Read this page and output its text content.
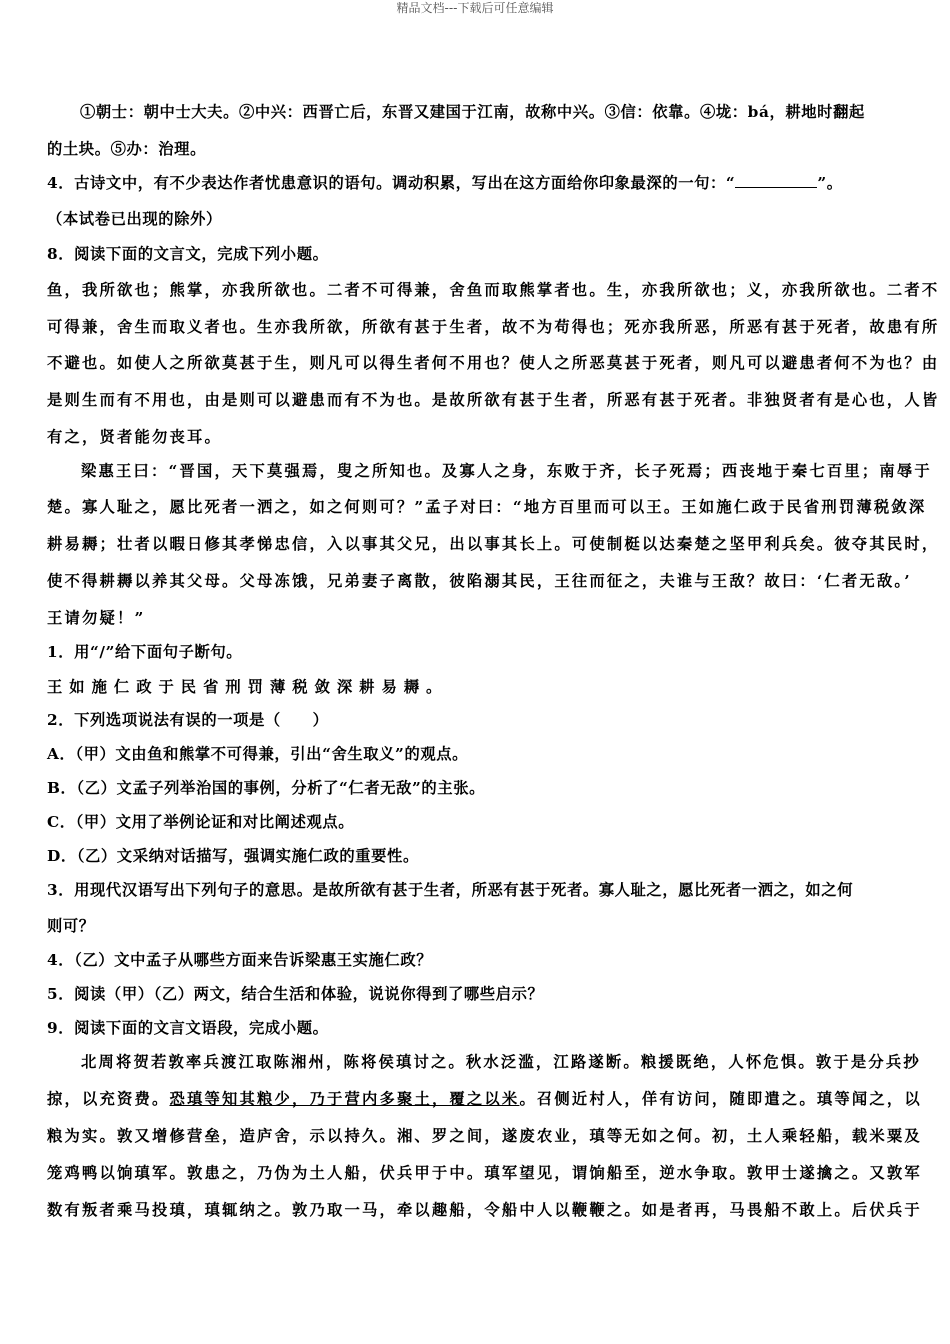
精品文档---下载后可任意编辑
①朝士：朝中士大夫。②中兴：西晋亡后，东晋又建国于江南，故称中兴。③信：依靠。④垅：bá，耕地时翻起
的土块。⑤办：治理。
4．古诗文中，有不少表达作者忧患意识的语句。调动积累，写出在这方面给你印象最深的一句：“	”。
（本试卷已出现的除外）
8．阅读下面的文言文，完成下列小题。
鱼，我所欲也；熊掌，亦我所欲也。二者不可得兼，舍鱼而取熊掌者也。生，亦我所欲也；义，亦我所欲也。二者不
可得兼，舍生而取义者也。生亦我所欲，所欲有甚于生者，故不为苟得也；死亦我所恶，所恶有甚于死者，故患有所
不避也。如使人之所欲莫甚于生，则凡可以得生者何不用也？使人之所恶莫甚于死者，则凡可以避患者何不为也？由
是则生而有不用也，由是则可以避患而有不为也。是故所欲有甚于生者，所恶有甚于死者。非独贤者有是心也，人皆
有之，贤者能勿丧耳。
梁惠王曰：“晋国，天下莫强焉，叟之所知也。及寡人之身，东败于齐，长子死焉；西丧地于秦七百里；南辱于
楚。寡人耻之，愿比死者一洒之，如之何则可？”孟子对曰：“地方百里而可以王。王如施仁政于民省刑罚薄税敛深
耕易耨；壮者以暇日修其孝悌忠信，入以事其父兄，出以事其长上。可使制梃以达秦楚之坚甲利兵矣。彼夺其民时，
使不得耕耨以养其父母。父母冻饿，兄弟妻子离散，彼陷溺其民，王往而征之，夫谁与王敌？故曰：‘仁者无敌。’
王请勿疑！”
1．用“/”给下面句子断句。
王如施仁政于民省刑罚薄税敛深耕易耨。
2．下列选项说法有误的一项是（　　）
A．（甲）文由鱼和熊掌不可得兼，引出“舍生取义”的观点。
B．（乙）文孟子列举治国的事例，分析了“仁者无敌”的主张。
C．（甲）文用了举例论证和对比阐述观点。
D．（乙）文采纳对话描写，强调实施仁政的重要性。
3．用现代汉语写出下列句子的意思。是故所欲有甚于生者，所恶有甚于死者。寡人耻之，愿比死者一洒之，如之何
则可？
4．（乙）文中孟子从哪些方面来告诉梁惠王实施仁政？
5．阅读（甲）（乙）两文，结合生活和体验，说说你得到了哪些启示？
9．阅读下面的文言文语段，完成小题。
北周将贺若敦率兵渡江取陈湘州，陈将侯瑱讨之。秋水泛滥，江路遂断。粮援既绝，人怀危惧。敦于是分兵抄
掠，以充资费。恐瑱等知其粮少，乃于营内多聚土，覆之以米。召侧近村人，佯有访问，随即遣之。瑱等闻之，以
粮为实。敦又增修营垒，造庐舍，示以持久。湘、罗之间，遂废农业，瑱等无如之何。初，土人乘轻船，载米粟及
笼鸡鸭以饷瑱军。敦患之，乃伪为土人船，伏兵甲于中。瑱军望见，谓饷船至，逆水争取。敦甲士遂擒之。又敦军
数有叛者乘马投瑱，瑱辄纳之。敦乃取一马，牵以趣船，令船中人以鞭鞭之。如是者再，马畏船不敢上。后伏兵于
